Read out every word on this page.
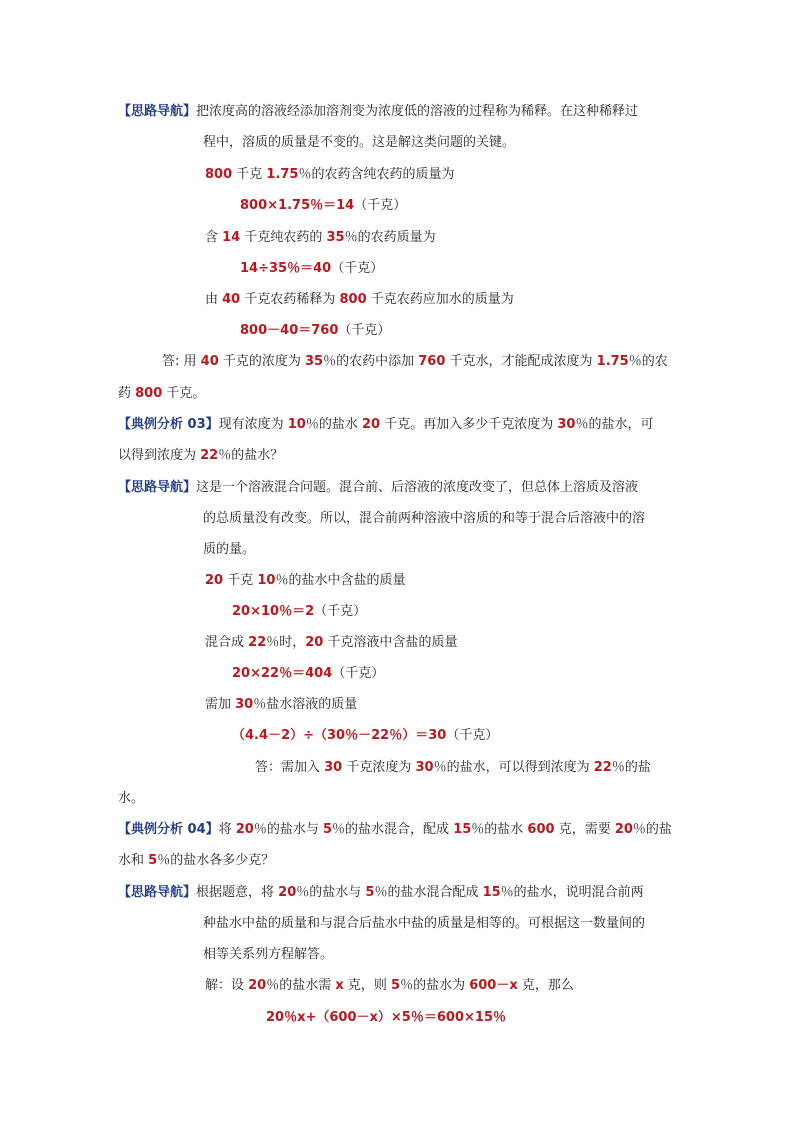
【思路导航】把浓度高的溶液经添加溶剂变为浓度低的溶液的过程称为稀释。在这种稀释过
程中，溶质的质量是不变的。这是解这类问题的关键。
800 千克 1.75％的农药含纯农药的质量为
800×1.75％＝14（千克）
含 14 千克纯农药的 35％的农药质量为
14÷35％＝40（千克）
由 40 千克农药稀释为 800 千克农药应加水的质量为
800－40＝760（千克）
答: 用 40 千克的浓度为 35％的农药中添加 760 千克水，才能配成浓度为 1.75％的农
药 800 千克。
【典例分析 03】现有浓度为 10％的盐水 20 千克。再加入多少千克浓度为 30％的盐水，可
以得到浓度为 22％的盐水？
【思路导航】这是一个溶液混合问题。混合前、后溶液的浓度改变了，但总体上溶质及溶液
的总质量没有改变。所以，混合前两种溶液中溶质的和等于混合后溶液中的溶
质的量。
20 千克 10％的盐水中含盐的质量
20×10％＝2（千克）
混合成 22％时，20 千克溶液中含盐的质量
20×22％＝404（千克）
需加 30％盐水溶液的质量
（4.4－2）÷（30％－22％）＝30（千克）
答：需加入 30 千克浓度为 30％的盐水，可以得到浓度为 22％的盐
水。
【典例分析 04】将 20％的盐水与 5％的盐水混合，配成 15％的盐水 600 克，需要 20％的盐
水和 5％的盐水各多少克？
【思路导航】根据题意，将 20％的盐水与 5％的盐水混合配成 15％的盐水，说明混合前两
种盐水中盐的质量和与混合后盐水中盐的质量是相等的。可根据这一数量间的
相等关系列方程解答。
解：设 20％的盐水需 x 克，则 5％的盐水为 600－x 克，那么
20％x+（600－x）×5％＝600×15％
